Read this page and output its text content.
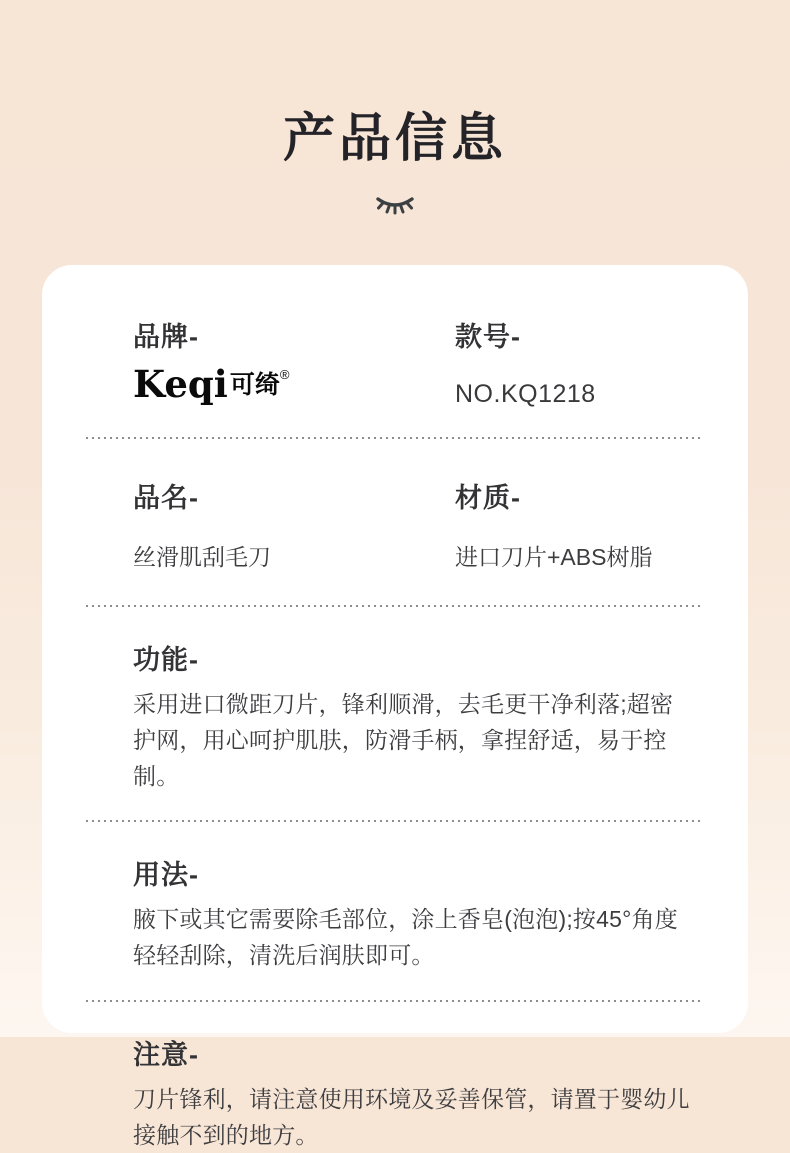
产品信息
品牌-
Keqi可绮®
款号-
NO.KQ1218
品名-
丝滑肌刮毛刀
材质-
进口刀片+ABS树脂
功能-
采用进口微距刀片，锋利顺滑，去毛更干净利落;超密护网，用心呵护肌肤，防滑手柄，拿捏舒适，易于控制。
用法-
腋下或其它需要除毛部位，涂上香皂(泡泡);按45°角度轻轻刮除，清洗后润肤即可。
注意-
刀片锋利，请注意使用环境及妥善保管，请置于婴幼儿接触不到的地方。
